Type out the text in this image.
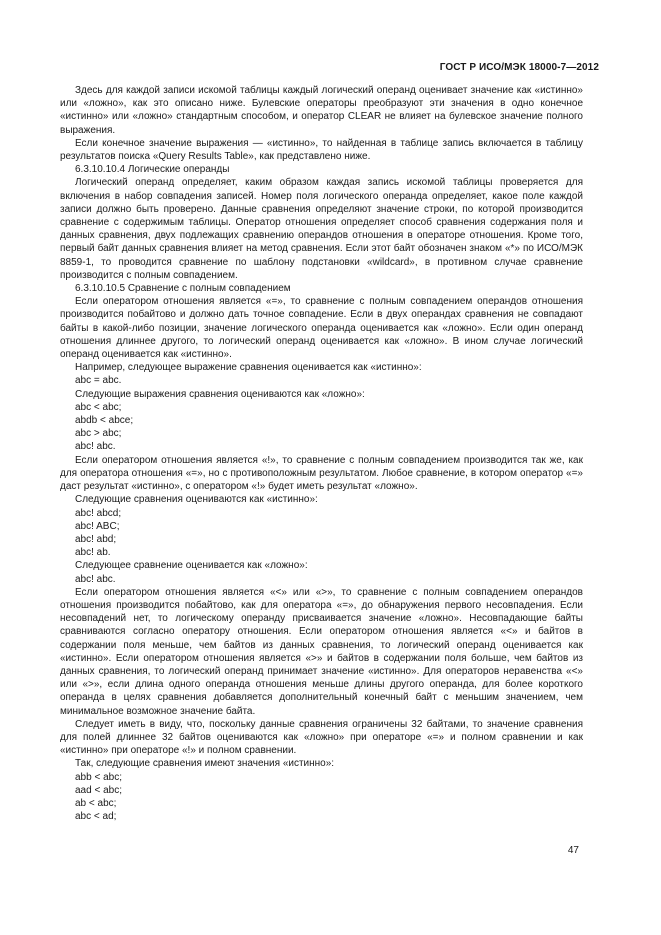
ГОСТ Р ИСО/МЭК 18000-7—2012

Здесь для каждой записи искомой таблицы каждый логический операнд оценивает значение как «истинно» или «ложно», как это описано ниже. Булевские операторы преобразуют эти значения в одно конечное «истинно» или «ложно» стандартным способом, и оператор CLEAR не влияет на булевское значение полного выражения.

Если конечное значение выражения — «истинно», то найденная в таблице запись включается в таблицу результатов поиска «Query Results Table», как представлено ниже.

6.3.10.10.4 Логические операнды

Логический операнд определяет, каким образом каждая запись искомой таблицы проверяется для включения в набор совпадения записей. Номер поля логического операнда определяет, какое поле каждой записи должно быть проверено. Данные сравнения определяют значение строки, по которой производится сравнение с содержимым таблицы. Оператор отношения определяет способ сравнения содержания поля и данных сравнения, двух подлежащих сравнению операндов отношения в операторе отношения. Кроме того, первый байт данных сравнения влияет на метод сравнения. Если этот байт обозначен знаком «*» по ИСО/МЭК 8859-1, то проводится сравнение по шаблону подстановки «wildcard», в противном случае сравнение производится с полным совпадением.

6.3.10.10.5 Сравнение с полным совпадением

Если оператором отношения является «=», то сравнение с полным совпадением операндов отношения производится побайтово и должно дать точное совпадение. Если в двух операндах сравнения не совпадают байты в какой-либо позиции, значение логического операнда оценивается как «ложно». Если один операнд отношения длиннее другого, то логический операнд оценивается как «ложно». В ином случае логический операнд оценивается как «истинно».

Например, следующее выражение сравнения оценивается как «истинно»:

abc = abc.

Следующие выражения сравнения оцениваются как «ложно»:

abc < abc;

abdb < abce;

abc > abc;

abc! abc.

Если оператором отношения является «!», то сравнение с полным совпадением производится так же, как для оператора отношения «=», но с противоположным результатом. Любое сравнение, в котором оператор «=» даст результат «истинно», с оператором «!» будет иметь результат «ложно».

Следующие сравнения оцениваются как «истинно»:

abc! abcd;

abc! ABC;

abc! abd;

abc! ab.

Следующее сравнение оценивается как «ложно»:

abc! abc.

Если оператором отношения является «<» или «>», то сравнение с полным совпадением операндов отношения производится побайтово, как для оператора «=», до обнаружения первого несовпадения. Если несовпадений нет, то логическому операнду присваивается значение «ложно». Несовпадающие байты сравниваются согласно оператору отношения. Если оператором отношения является «<» и байтов в содержании поля меньше, чем байтов из данных сравнения, то логический операнд оценивается как «истинно». Если оператором отношения является «>» и байтов в содержании поля больше, чем байтов из данных сравнения, то логический операнд принимает значение «истинно». Для операторов неравенства «<» или «>», если длина одного операнда отношения меньше длины другого операнда, для более короткого операнда в целях сравнения добавляется дополнительный конечный байт с меньшим значением, чем минимальное возможное значение байта.

Следует иметь в виду, что, поскольку данные сравнения ограничены 32 байтами, то значение сравнения для полей длиннее 32 байтов оцениваются как «ложно» при операторе «=» и полном сравнении и как «истинно» при операторе «!» и полном сравнении.

Так, следующие сравнения имеют значения «истинно»:

abb < abc;

aad < abc;

ab < abc;

abc < ad;

47
